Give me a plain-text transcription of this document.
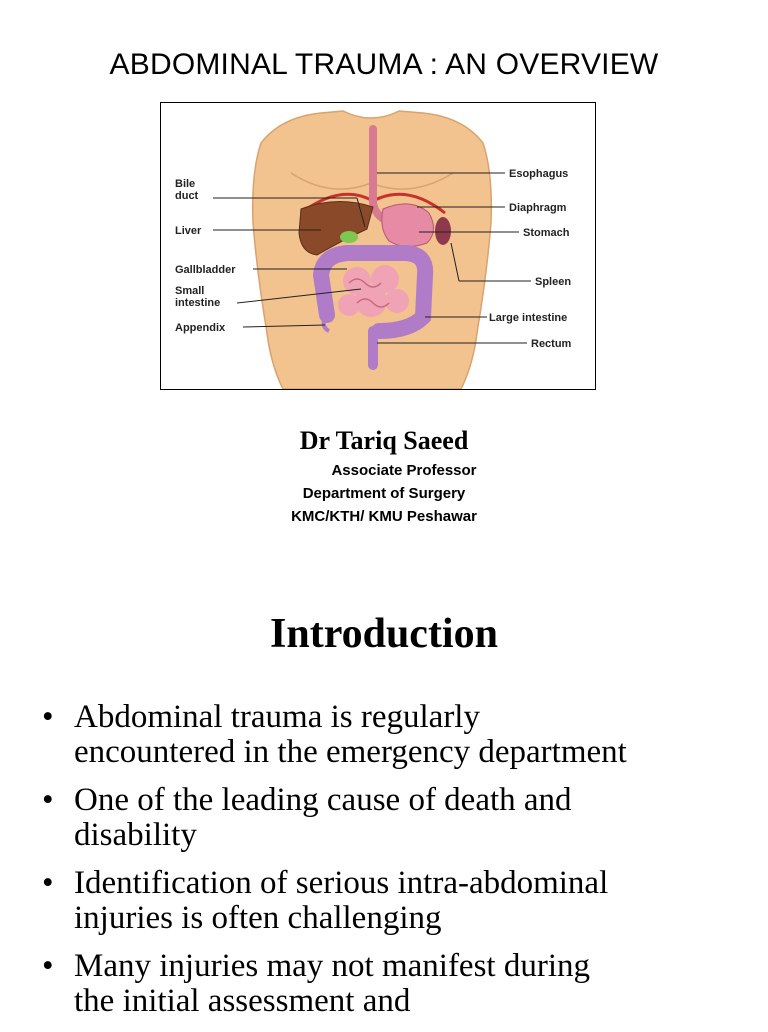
ABDOMINAL TRAUMA : AN OVERVIEW
Bile
duct
Liver
Gallbladder
Small
intestine
Appendix
Esophagus
Diaphragm
Stomach
Spleen
Large intestine
Rectum
Dr Tariq Saeed
Associate Professor
Department of Surgery
KMC/KTH/ KMU Peshawar
Introduction
• Abdominal trauma is regularly
encountered in the emergency department
• One of the leading cause of death and
disability
• Identification of serious intra-abdominal
injuries is often challenging
• Many injuries may not manifest during
the initial assessment and
